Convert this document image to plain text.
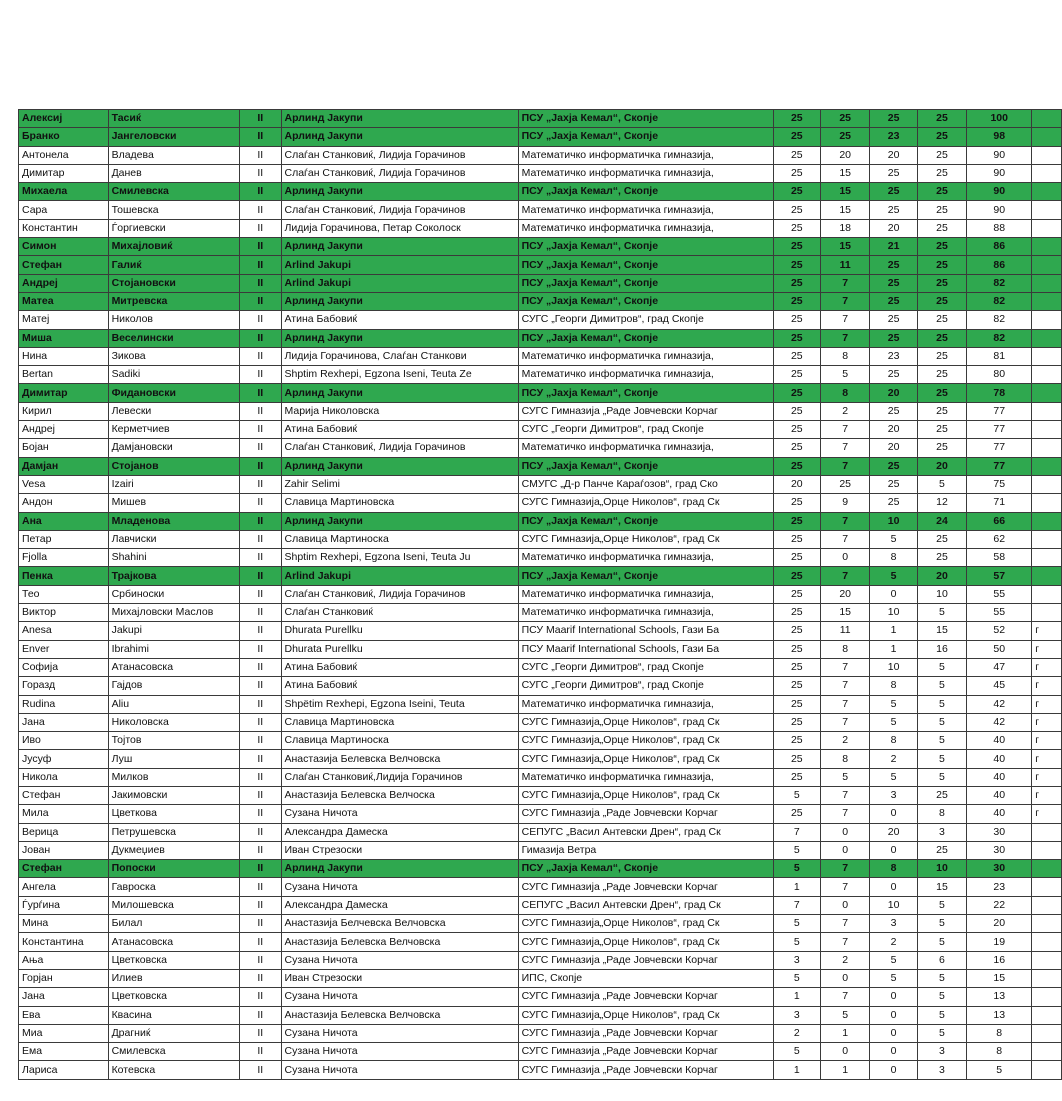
Алексиј	Тасиќ	II	Арлинд Јакупи	ПСУ „Јахја Кемал“, Скопје	25	25	25	25	100	
Бранко	Јангеловски	II	Арлинд Јакупи	ПСУ „Јахја Кемал“, Скопје	25	25	23	25	98	
Антонела	Владева	II	Слаѓан Станковиќ, Лидија Горачинов	Математичко информатичка гимназија,	25	20	20	25	90	
Димитар	Данев	II	Слаѓан Станковиќ, Лидија Горачинов	Математичко информатичка гимназија,	25	15	25	25	90	
Михаела	Смилевска	II	Арлинд Јакупи	ПСУ „Јахја Кемал“, Скопје	25	15	25	25	90	
Сара	Тошевска	II	Слаѓан Станковиќ, Лидија Горачинов	Математичко информатичка гимназија,	25	15	25	25	90	
Константин	Ѓоргиевски	II	Лидија Горачинова, Петар Соколоск	Математичко информатичка гимназија,	25	18	20	25	88	
Симон	Михајловиќ	II	Арлинд Јакупи	ПСУ „Јахја Кемал“, Скопје	25	15	21	25	86	
Стефан	Галиќ	II	Arlind Jakupi	ПСУ „Јахја Кемал“, Скопје	25	11	25	25	86	
Андреј	Стојановски	II	Arlind Jakupi	ПСУ „Јахја Кемал“, Скопје	25	7	25	25	82	
Матеа	Митревска	II	Арлинд Јакупи	ПСУ „Јахја Кемал“, Скопје	25	7	25	25	82	
Матеј	Николов	II	Атина Бабовиќ	СУГС „Георги Димитров“, град Скопје	25	7	25	25	82	
Миша	Веселински	II	Арлинд Јакупи	ПСУ „Јахја Кемал“, Скопје	25	7	25	25	82	
Нина	Зикова	II	Лидија Горачинова, Слаѓан Станкови	Математичко информатичка гимназија,	25	8	23	25	81	
Bertan	Sadiki	II	Shptim Rexhepi, Egzona Iseni, Teuta Ze	Математичко информатичка гимназија,	25	5	25	25	80	
Димитар	Фидановски	II	Арлинд Јакупи	ПСУ „Јахја Кемал“, Скопје	25	8	20	25	78	
Кирил	Левески	II	Марија Николовска	СУГС Гимназија „Раде Јовчевски Корчаг	25	2	25	25	77	
Андреј	Керметчиев	II	Атина Бабовиќ	СУГС „Георги Димитров“, град Скопје	25	7	20	25	77	
Бојан	Дамјановски	II	Слаѓан Станковиќ, Лидија Горачинов	Математичко информатичка гимназија,	25	7	20	25	77	
Дамјан	Стојанов	II	Арлинд Јакупи	ПСУ „Јахја Кемал“, Скопје	25	7	25	20	77	
Vesa	Izairi	II	Zahir Selimi	СМУГС „Д-р Панче Караѓозов“, град Ско	20	25	25	5	75	
Андон	Мишев	II	Славица Мартиновска	СУГС Гимназија„Орце Николов“, град Ск	25	9	25	12	71	
Ана	Младенова	II	Арлинд Јакупи	ПСУ „Јахја Кемал“, Скопје	25	7	10	24	66	
Петар	Лавчиски	II	Славица Мартиноска	СУГС Гимназија„Орце Николов“, град Ск	25	7	5	25	62	
Fjolla	Shahini	II	Shptim Rexhepi, Egzona Iseni, Teuta Ju	Математичко информатичка гимназија,	25	0	8	25	58	
Пенка	Трајкова	II	Arlind Jakupi	ПСУ „Јахја Кемал“, Скопје	25	7	5	20	57	
Тео	Србиноски	II	Слаѓан Станковиќ, Лидија Горачинов	Математичко информатичка гимназија,	25	20	0	10	55	
Виктор	Михајловски Маслов	II	Слаѓан Станковиќ	Математичко информатичка гимназија,	25	15	10	5	55	
Anesa	Jakupi	II	Dhurata Purellku	ПСУ Maarif International Schools, Гази Ба	25	11	1	15	52	г
Enver	Ibrahimi	II	Dhurata Purellku	ПСУ Maarif International Schools, Гази Ба	25	8	1	16	50	г
Софија	Атанасовска	II	Атина Бабовиќ	СУГС „Георги Димитров“, град Скопје	25	7	10	5	47	г
Горазд	Гајдов	II	Атина Бабовиќ	СУГС „Георги Димитров“, град Скопје	25	7	8	5	45	г
Rudina	Aliu	II	Shpëtim Rexhepi, Egzona Iseini, Teuta	Математичко информатичка гимназија,	25	7	5	5	42	г
Јана	Николовска	II	Славица Мартиновска	СУГС Гимназија„Орце Николов“, град Ск	25	7	5	5	42	г
Иво	Тојтов	II	Славица Мартиноска	СУГС Гимназија„Орце Николов“, град Ск	25	2	8	5	40	г
Јусуф	Луш	II	Анастазија Белевска Велчовска	СУГС Гимназија„Орце Николов“, град Ск	25	8	2	5	40	г
Никола	Милков	II	Слаѓан Станковиќ,Лидија Горачинов	Математичко информатичка гимназија,	25	5	5	5	40	г
Стефан	Јакимовски	II	Анастазија Белевска Велчоска	СУГС Гимназија„Орце Николов“, град Ск	5	7	3	25	40	г
Мила	Цветкова	II	Сузана Ничота	СУГС Гимназија „Раде Јовчевски Корчаг	25	7	0	8	40	г
Верица	Петрушевска	II	Александра Дамеска	СЕПУГС „Васил Антевски Дрен“, град Ск	7	0	20	3	30	
Јован	Дукмеџиев	II	Иван Стрезоски	Гимазија Ветра	5	0	0	25	30	
Стефан	Попоски	II	Арлинд Јакупи	ПСУ „Јахја Кемал“, Скопје	5	7	8	10	30	
Ангела	Гавроска	II	Сузана Ничота	СУГС Гимназија „Раде Јовчевски Корчаг	1	7	0	15	23	
Ѓурѓина	Милошевска	II	Александра Дамеска	СЕПУГС „Васил Антевски Дрен“, град Ск	7	0	10	5	22	
Мина	Билал	II	Анастазија Белчевска Велчовска	СУГС Гимназија„Орце Николов“, град Ск	5	7	3	5	20	
Константина	Атанасовска	II	Анастазија Белевска Велчовска	СУГС Гимназија„Орце Николов“, град Ск	5	7	2	5	19	
Ања	Цветковска	II	Сузана Ничота	СУГС Гимназија „Раде Јовчевски Корчаг	3	2	5	6	16	
Горјан	Илиев	II	Иван Стрезоски	ИПС, Скопје	5	0	5	5	15	
Јана	Цветковска	II	Сузана Ничота	СУГС Гимназија „Раде Јовчевски Корчаг	1	7	0	5	13	
Ева	Квасина	II	Анастазија Белевска Велчовска	СУГС Гимназија„Орце Николов“, град Ск	3	5	0	5	13	
Миа	Драгниќ	II	Сузана Ничота	СУГС Гимназија „Раде Јовчевски Корчаг	2	1	0	5	8	
Ема	Смилевска	II	Сузана Ничота	СУГС Гимназија „Раде Јовчевски Корчаг	5	0	0	3	8	
Лариса	Котевска	II	Сузана Ничота	СУГС Гимназија „Раде Јовчевски Корчаг	1	1	0	3	5	
